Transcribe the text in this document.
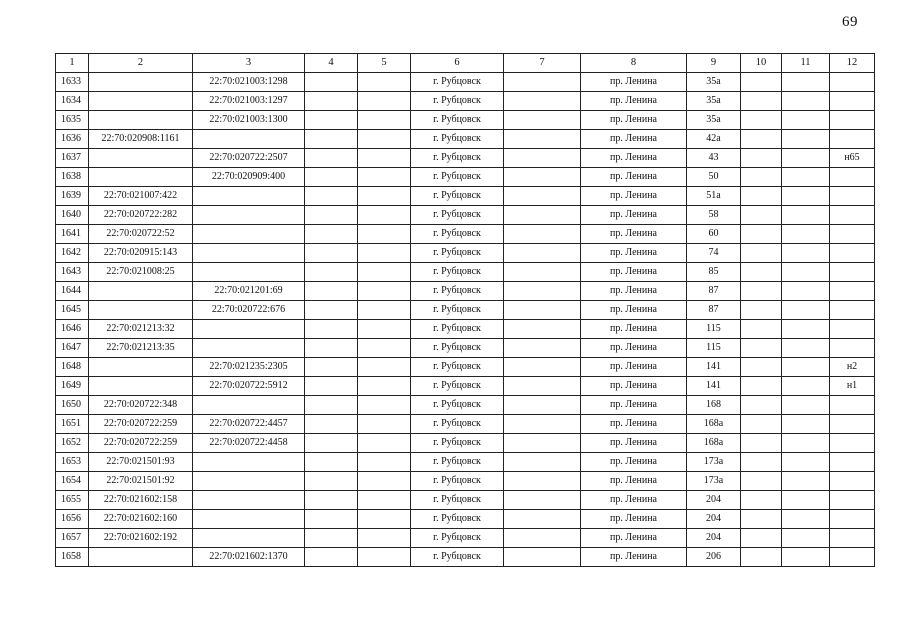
69
1	2	3	4	5	6	7	8	9	10	11	12
1633		22:70:021003:1298			г. Рубцовск		пр. Ленина	35а			
1634		22:70:021003:1297			г. Рубцовск		пр. Ленина	35а			
1635		22:70:021003:1300			г. Рубцовск		пр. Ленина	35а			
1636	22:70:020908:1161				г. Рубцовск		пр. Ленина	42а			
1637		22:70:020722:2507			г. Рубцовск		пр. Ленина	43			н65
1638		22:70:020909:400			г. Рубцовск		пр. Ленина	50			
1639	22:70:021007:422				г. Рубцовск		пр. Ленина	51а			
1640	22:70:020722:282				г. Рубцовск		пр. Ленина	58			
1641	22:70:020722:52				г. Рубцовск		пр. Ленина	60			
1642	22:70:020915:143				г. Рубцовск		пр. Ленина	74			
1643	22:70:021008:25				г. Рубцовск		пр. Ленина	85			
1644		22:70:021201:69			г. Рубцовск		пр. Ленина	87			
1645		22:70:020722:676			г. Рубцовск		пр. Ленина	87			
1646	22:70:021213:32				г. Рубцовск		пр. Ленина	115			
1647	22:70:021213:35				г. Рубцовск		пр. Ленина	115			
1648		22:70:021235:2305			г. Рубцовск		пр. Ленина	141			н2
1649		22:70:020722:5912			г. Рубцовск		пр. Ленина	141			н1
1650	22:70:020722:348				г. Рубцовск		пр. Ленина	168			
1651	22:70:020722:259	22:70:020722:4457			г. Рубцовск		пр. Ленина	168а			
1652	22:70:020722:259	22:70:020722:4458			г. Рубцовск		пр. Ленина	168а			
1653	22:70:021501:93				г. Рубцовск		пр. Ленина	173а			
1654	22:70:021501:92				г. Рубцовск		пр. Ленина	173а			
1655	22:70:021602:158				г. Рубцовск		пр. Ленина	204			
1656	22:70:021602:160				г. Рубцовск		пр. Ленина	204			
1657	22:70:021602:192				г. Рубцовск		пр. Ленина	204			
1658		22:70:021602:1370			г. Рубцовск		пр. Ленина	206			
